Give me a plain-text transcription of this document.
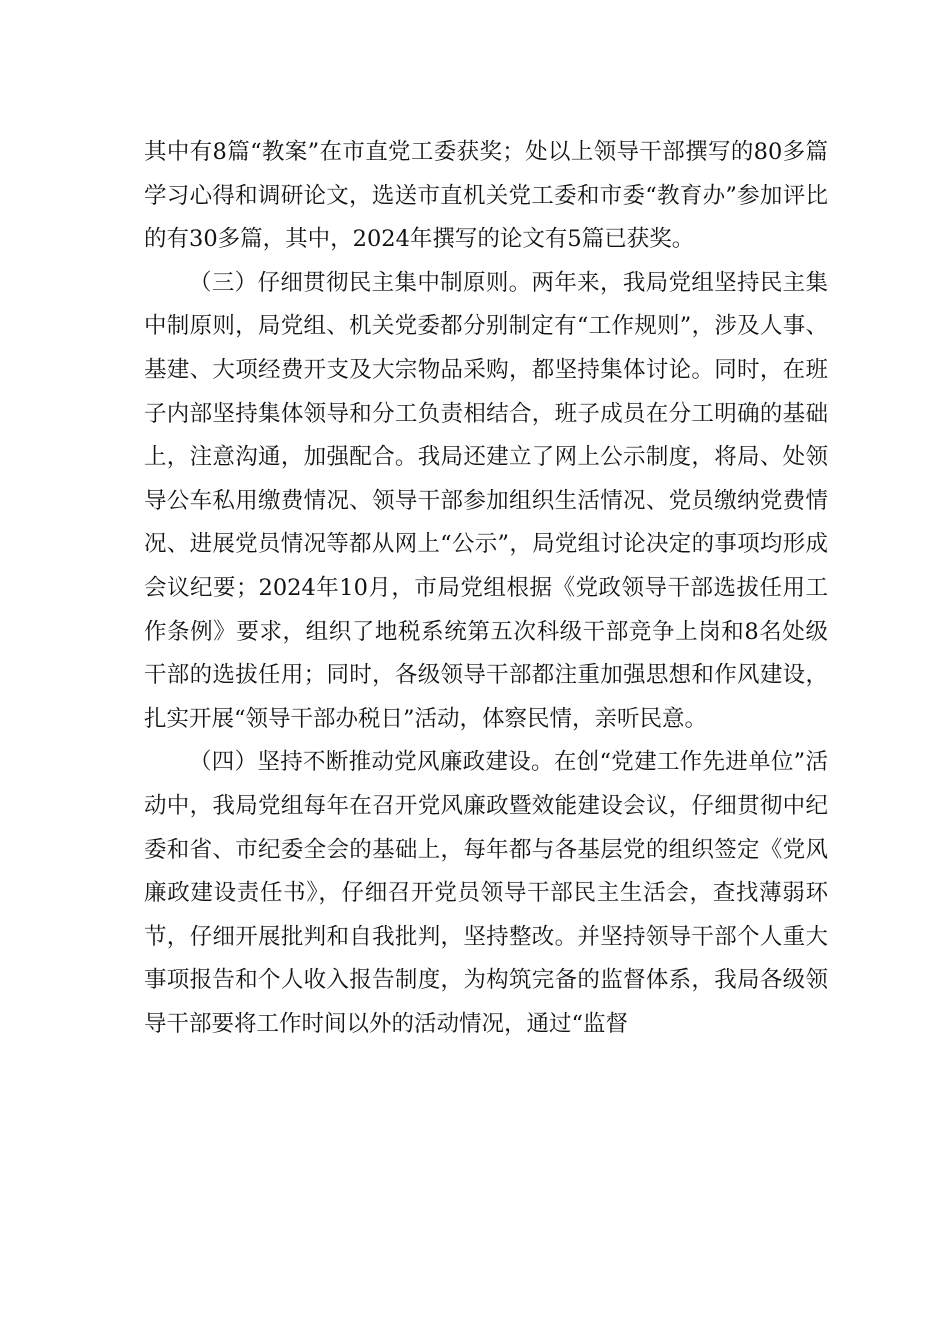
其中有8篇“教案”在市直党工委获奖；处以上领导干部撰写的80多篇学习心得和调研论文，选送市直机关党工委和市委“教育办”参加评比的有30多篇，其中，2024年撰写的论文有5篇已获奖。

（三）仔细贯彻民主集中制原则。两年来，我局党组坚持民主集中制原则，局党组、机关党委都分别制定有“工作规则”，涉及人事、基建、大项经费开支及大宗物品采购，都坚持集体讨论。同时，在班子内部坚持集体领导和分工负责相结合，班子成员在分工明确的基础上，注意沟通，加强配合。我局还建立了网上公示制度，将局、处领导公车私用缴费情况、领导干部参加组织生活情况、党员缴纳党费情况、进展党员情况等都从网上“公示”，局党组讨论决定的事项均形成会议纪要；2024年10月，市局党组根据《党政领导干部选拔任用工作条例》要求，组织了地税系统第五次科级干部竞争上岗和8名处级干部的选拔任用；同时，各级领导干部都注重加强思想和作风建设，扎实开展“领导干部办税日”活动，体察民情，亲听民意。

（四）坚持不断推动党风廉政建设。在创“党建工作先进单位”活动中，我局党组每年在召开党风廉政暨效能建设会议，仔细贯彻中纪委和省、市纪委全会的基础上，每年都与各基层党的组织签定《党风廉政建设责任书》，仔细召开党员领导干部民主生活会，查找薄弱环节，仔细开展批判和自我批判，坚持整改。并坚持领导干部个人重大事项报告和个人收入报告制度，为构筑完备的监督体系，我局各级领导干部要将工作时间以外的活动情况，通过“监督
